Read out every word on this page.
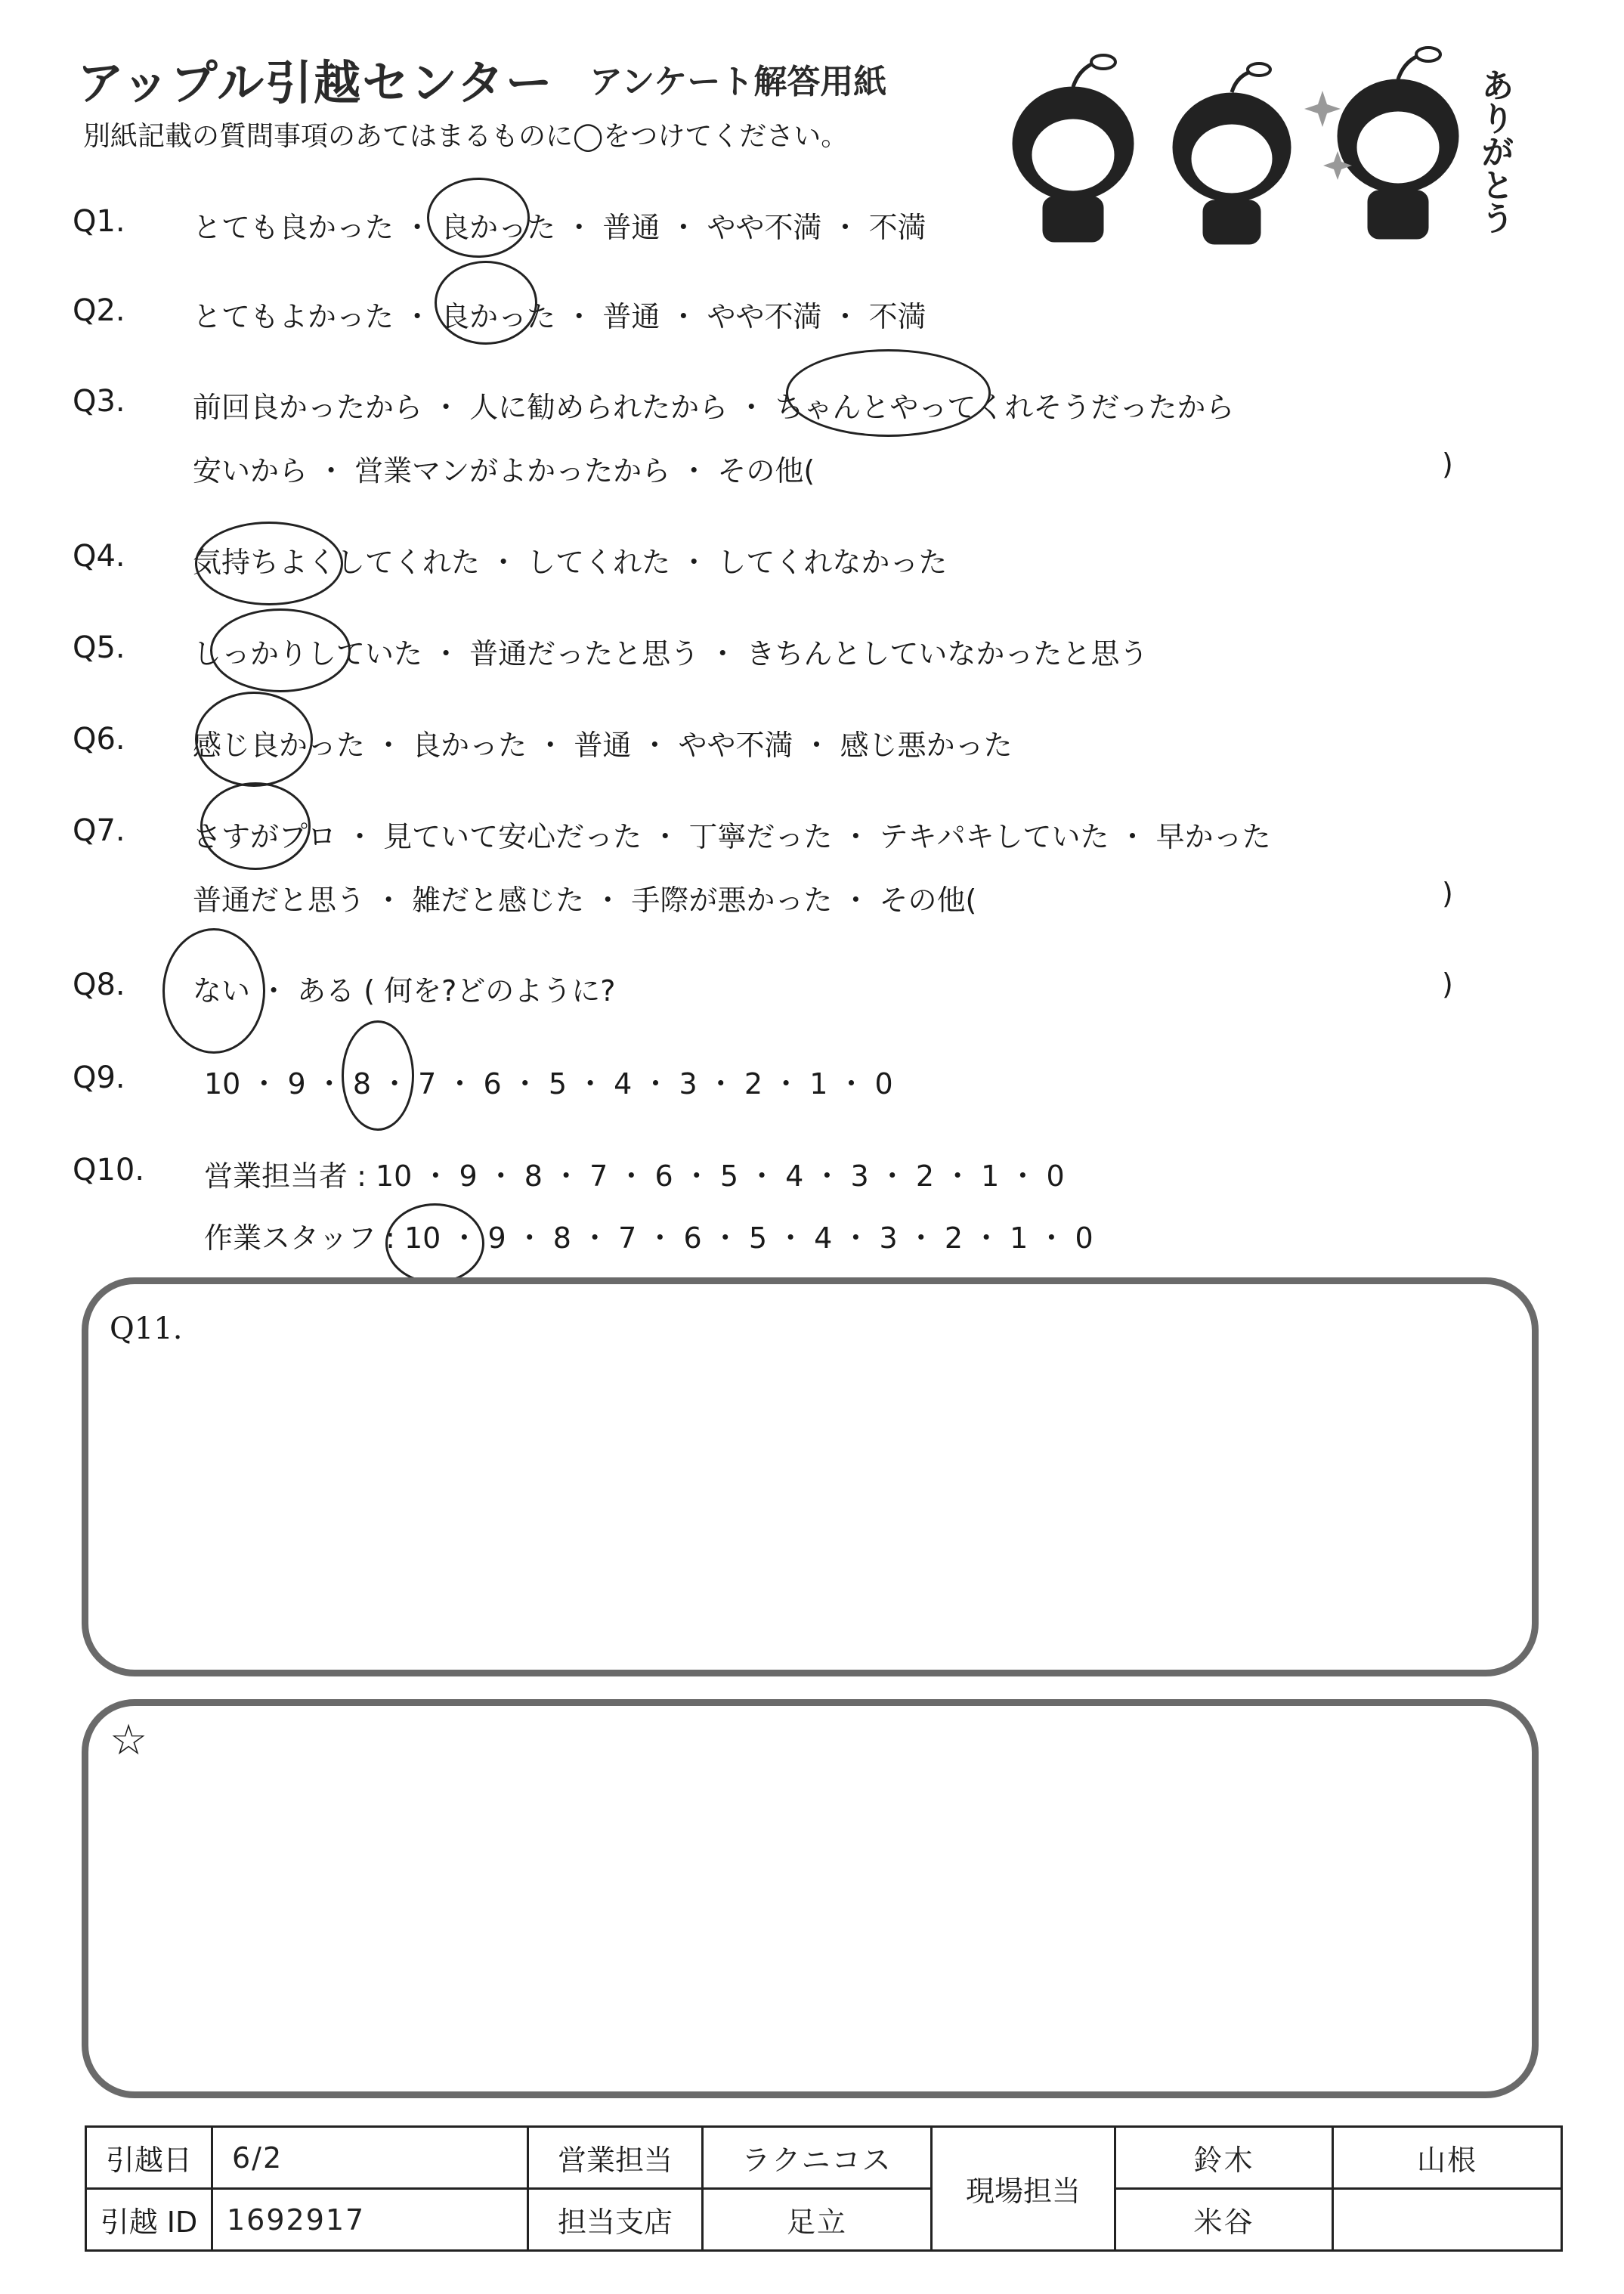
アップル引越センター アンケート解答用紙
別紙記載の質問事項のあてはまるものに◯をつけてください。	ありがとう
Q1. とても良かった ・ 良かった ・ 普通 ・ やや不満 ・ 不満
Q2. とてもよかった ・ 良かった ・ 普通 ・ やや不満 ・ 不満
Q3. 前回良かったから ・ 人に勧められたから ・ ちゃんとやってくれそうだったから
安いから ・ 営業マンがよかったから ・ その他(	)
Q4. 気持ちよくしてくれた ・ してくれた ・ してくれなかった
Q5. しっかりしていた ・ 普通だったと思う ・ きちんとしていなかったと思う
Q6. 感じ良かった ・ 良かった ・ 普通 ・ やや不満 ・ 感じ悪かった
Q7. さすがプロ ・ 見ていて安心だった ・ 丁寧だった ・ テキパキしていた ・ 早かった
普通だと思う ・ 雑だと感じた ・ 手際が悪かった ・ その他(	)
Q8. ない ・ ある ( 何を?どのように?	)
Q9.	10 ・ 9 ・ 8 ・ 7 ・ 6 ・ 5 ・ 4 ・ 3 ・ 2 ・ 1 ・ 0
Q10. 営業担当者 : 10 ・ 9 ・ 8 ・ 7 ・ 6 ・ 5 ・ 4 ・ 3 ・ 2 ・ 1 ・ 0
作業スタッフ : 10 ・ 9 ・ 8 ・ 7 ・ 6 ・ 5 ・ 4 ・ 3 ・ 2 ・ 1 ・ 0
Q11.
☆
引越日	6/2	営業担当	ラクニコス	現場担当	鈴木	山根
引越 ID	1692917	担当支店	足立		米谷	
